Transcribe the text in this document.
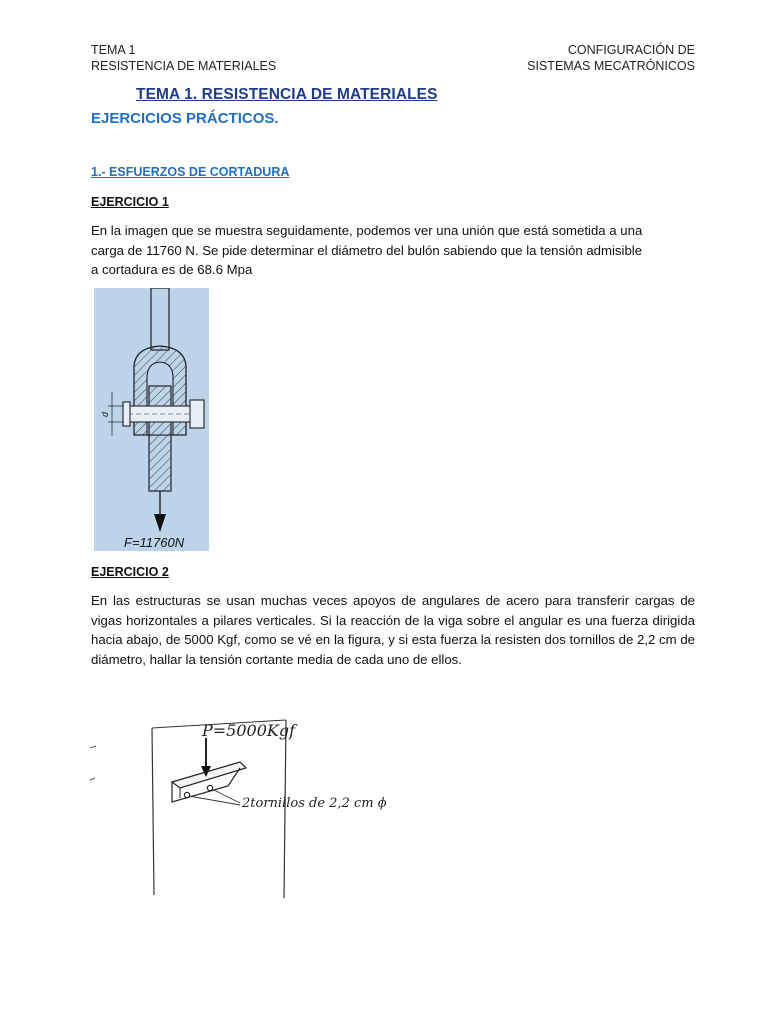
TEMA 1
RESISTENCIA DE MATERIALES
CONFIGURACIÓN DE
SISTEMAS MECATRÓNICOS
TEMA 1. RESISTENCIA DE MATERIALES
EJERCICIOS PRÁCTICOS.
1.- ESFUERZOS DE CORTADURA
EJERCICIO 1
En la imagen que se muestra seguidamente, podemos ver una unión que está sometida a una
carga de 11760 N. Se pide determinar el diámetro del bulón sabiendo que la tensión admisible
a cortadura es de 68.6 Mpa
d
F=11760N
EJERCICIO 2
En las estructuras se usan muchas veces apoyos de angulares de acero para transferir cargas de vigas horizontales a pilares verticales. Si la reacción de la viga sobre el angular es una fuerza dirigida hacia abajo, de 5000 Kgf, como se vé en la figura, y si esta fuerza la resisten dos tornillos de 2,2 cm de diámetro, hallar la tensión cortante media de cada uno de ellos.
P=5000Kgf
2tornillos de 2,2 cm ϕ
